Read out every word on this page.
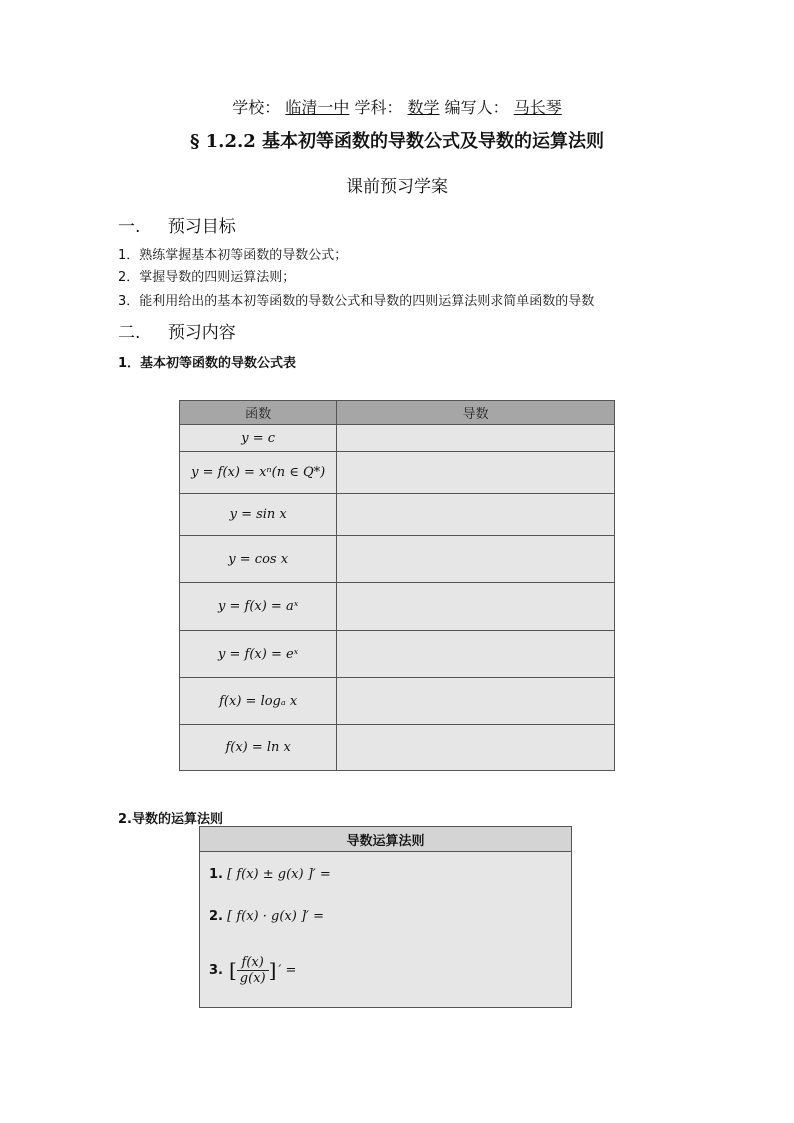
学校： 临清一中 学科： 数学 编写人： 马长琴
§ 1.2.2 基本初等函数的导数公式及导数的运算法则
课前预习学案
一. 预习目标
1．熟练掌握基本初等函数的导数公式；
2．掌握导数的四则运算法则；
3．能利用给出的基本初等函数的导数公式和导数的四则运算法则求简单函数的导数
二. 预习内容
1．基本初等函数的导数公式表
函数	导数
y = c	
y = f(x) = xⁿ(n ∈ Q*)	
y = sin x	
y = cos x	
y = f(x) = aˣ	
y = f(x) = eˣ	
f(x) = logₐ x	
f(x) = ln x	
2.导数的运算法则
导数运算法则

1. [ f(x) ± g(x) ]′ =
2. [ f(x) · g(x) ]′ =
3. [ $\frac{f(x)}{g(x)}$ ] ′ =
